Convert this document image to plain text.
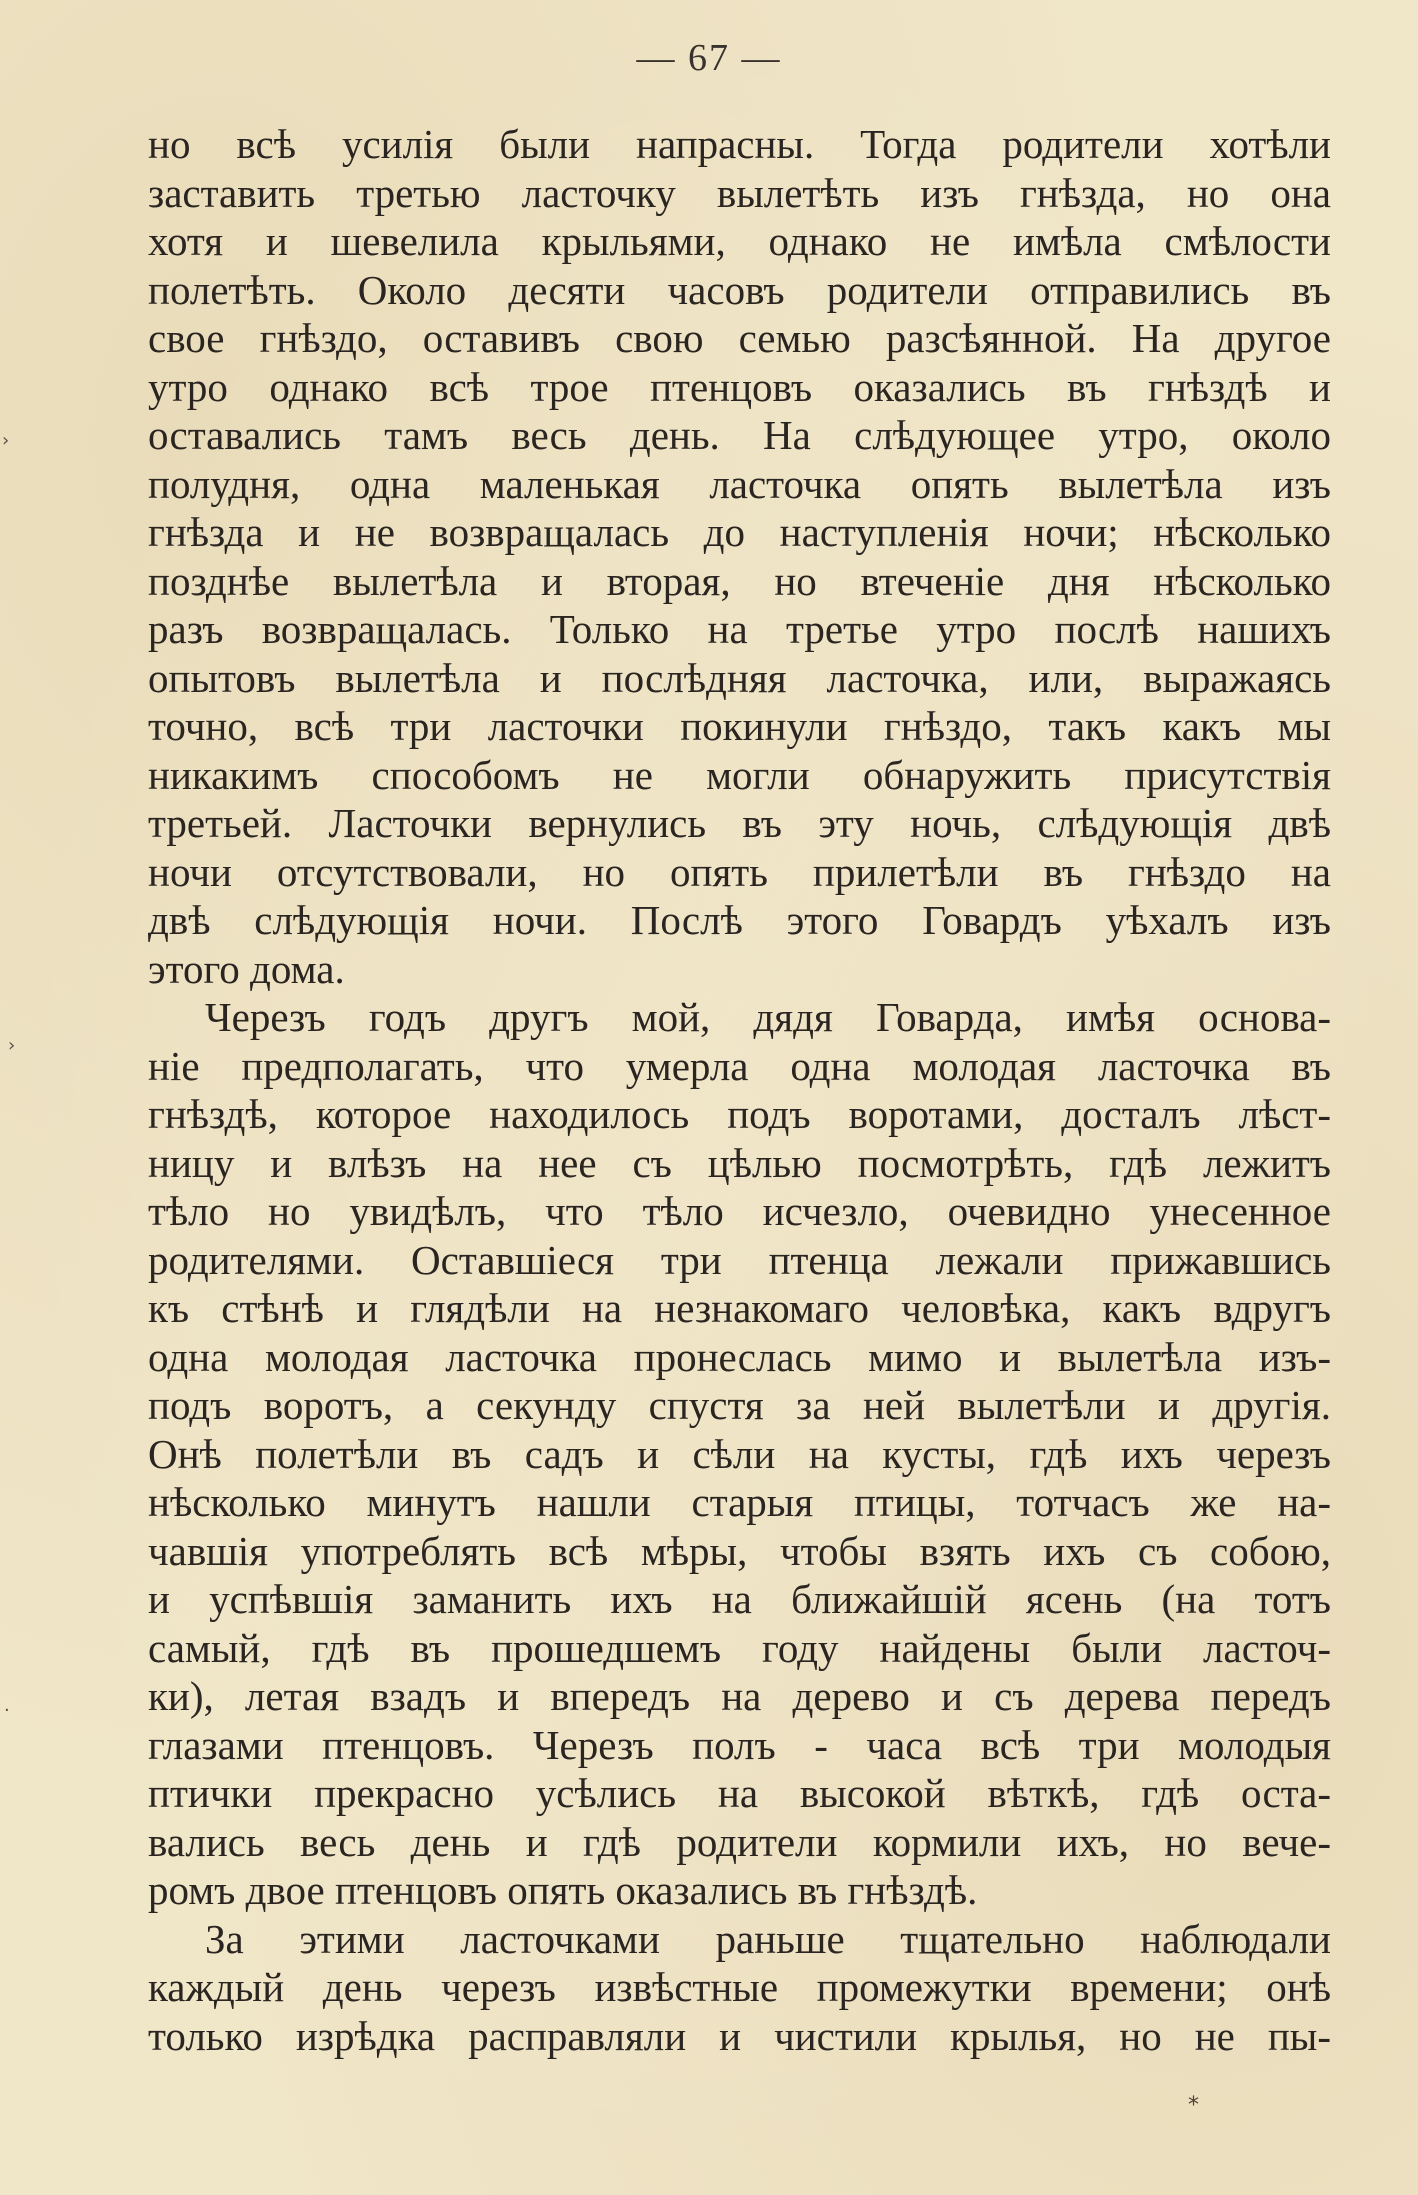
— 67 —

но всѣ усилія были напрасны. Тогда родители хотѣли
заставить третью ласточку вылетѣть изъ гнѣзда, но она
хотя и шевелила крыльями, однако не имѣла смѣлости
полетѣть. Около десяти часовъ родители отправились въ
свое гнѣздо, оставивъ свою семью разсѣянной. На другое
утро однако всѣ трое птенцовъ оказались въ гнѣздѣ и
оставались тамъ весь день. На слѣдующее утро, около
полудня, одна маленькая ласточка опять вылетѣла изъ
гнѣзда и не возвращалась до наступленія ночи; нѣсколько
позднѣе вылетѣла и вторая, но втеченіе дня нѣсколько
разъ возвращалась. Только на третье утро послѣ нашихъ
опытовъ вылетѣла и послѣдняя ласточка, или, выражаясь
точно, всѣ три ласточки покинули гнѣздо, такъ какъ мы
никакимъ способомъ не могли обнаружить присутствія
третьей. Ласточки вернулись въ эту ночь, слѣдующія двѣ
ночи отсутствовали, но опять прилетѣли въ гнѣздо на
двѣ слѣдующія ночи. Послѣ этого Говардъ уѣхалъ изъ
этого дома.

Черезъ годъ другъ мой, дядя Говарда, имѣя основа-
ніе предполагать, что умерла одна молодая ласточка въ
гнѣздѣ, которое находилось подъ воротами, досталъ лѣст-
ницу и влѣзъ на нее съ цѣлью посмотрѣть, гдѣ лежитъ
тѣло но увидѣлъ, что тѣло исчезло, очевидно унесенное
родителями. Оставшіеся три птенца лежали прижавшись
къ стѣнѣ и глядѣли на незнакомаго человѣка, какъ вдругъ
одна молодая ласточка пронеслась мимо и вылетѣла изъ-
подъ воротъ, а секунду спустя за ней вылетѣли и другія.
Онѣ полетѣли въ садъ и сѣли на кусты, гдѣ ихъ черезъ
нѣсколько минутъ нашли старыя птицы, тотчасъ же на-
чавшія употреблять всѣ мѣры, чтобы взять ихъ съ собою,
и успѣвшія заманить ихъ на ближайшій ясень (на тотъ
самый, гдѣ въ прошедшемъ году найдены были ласточ-
ки), летая взадъ и впередъ на дерево и съ дерева передъ
глазами птенцовъ. Черезъ полъ - часа всѣ три молодыя
птички прекрасно усѣлись на высокой вѣткѣ, гдѣ оста-
вались весь день и гдѣ родители кормили ихъ, но вече-
ромъ двое птенцовъ опять оказались въ гнѣздѣ.

За этими ласточками раньше тщательно наблюдали
каждый день черезъ извѣстные промежутки времени; онѣ
только изрѣдка расправляли и чистили крылья, но не пы-

›
›
·
*
